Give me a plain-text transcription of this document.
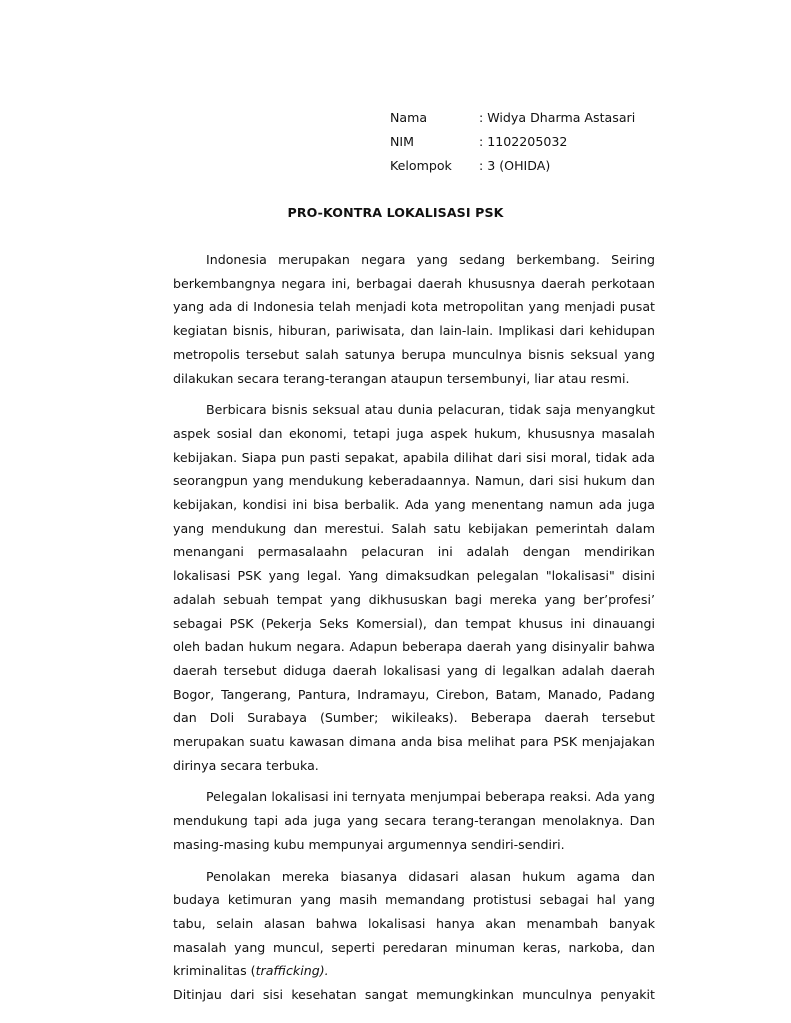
Nama	: Widya Dharma Astasari
NIM	: 1102205032
Kelompok	: 3 (OHIDA)
PRO-KONTRA LOKALISASI PSK

Indonesia merupakan negara yang sedang berkembang. Seiring berkembangnya negara ini, berbagai daerah khususnya daerah perkotaan yang ada di Indonesia telah menjadi kota metropolitan yang menjadi pusat kegiatan bisnis, hiburan, pariwisata, dan lain-lain. Implikasi dari kehidupan metropolis tersebut salah satunya berupa munculnya bisnis seksual yang dilakukan secara terang-terangan ataupun tersembunyi, liar atau resmi.

Berbicara bisnis seksual atau dunia pelacuran, tidak saja menyangkut aspek sosial dan ekonomi, tetapi juga aspek hukum, khususnya masalah kebijakan. Siapa pun pasti sepakat, apabila dilihat dari sisi moral, tidak ada seorangpun yang mendukung keberadaannya. Namun, dari sisi hukum dan kebijakan, kondisi ini bisa berbalik. Ada yang menentang namun ada juga yang mendukung dan merestui. Salah satu kebijakan pemerintah dalam menangani permasalaahn pelacuran ini adalah dengan mendirikan lokalisasi PSK yang legal. Yang dimaksudkan pelegalan "lokalisasi" disini adalah sebuah tempat yang dikhususkan bagi mereka yang ber’profesi’ sebagai PSK (Pekerja Seks Komersial), dan tempat khusus ini dinauangi oleh badan hukum negara. Adapun beberapa daerah yang disinyalir bahwa daerah tersebut diduga daerah lokalisasi yang di legalkan adalah daerah Bogor, Tangerang, Pantura, Indramayu, Cirebon, Batam, Manado, Padang dan Doli Surabaya (Sumber; wikileaks). Beberapa daerah tersebut merupakan suatu kawasan dimana anda bisa melihat para PSK menjajakan dirinya secara terbuka.

Pelegalan lokalisasi ini ternyata menjumpai beberapa reaksi. Ada yang mendukung tapi ada juga yang secara terang-terangan menolaknya. Dan masing-masing kubu mempunyai argumennya sendiri-sendiri.

Penolakan mereka biasanya didasari alasan hukum agama dan budaya ketimuran yang masih memandang protistusi sebagai hal yang tabu, selain alasan bahwa lokalisasi hanya akan menambah banyak masalah yang muncul, seperti peredaran minuman keras, narkoba, dan kriminalitas (trafficking).

Ditinjau dari sisi kesehatan sangat memungkinkan munculnya penyakit
